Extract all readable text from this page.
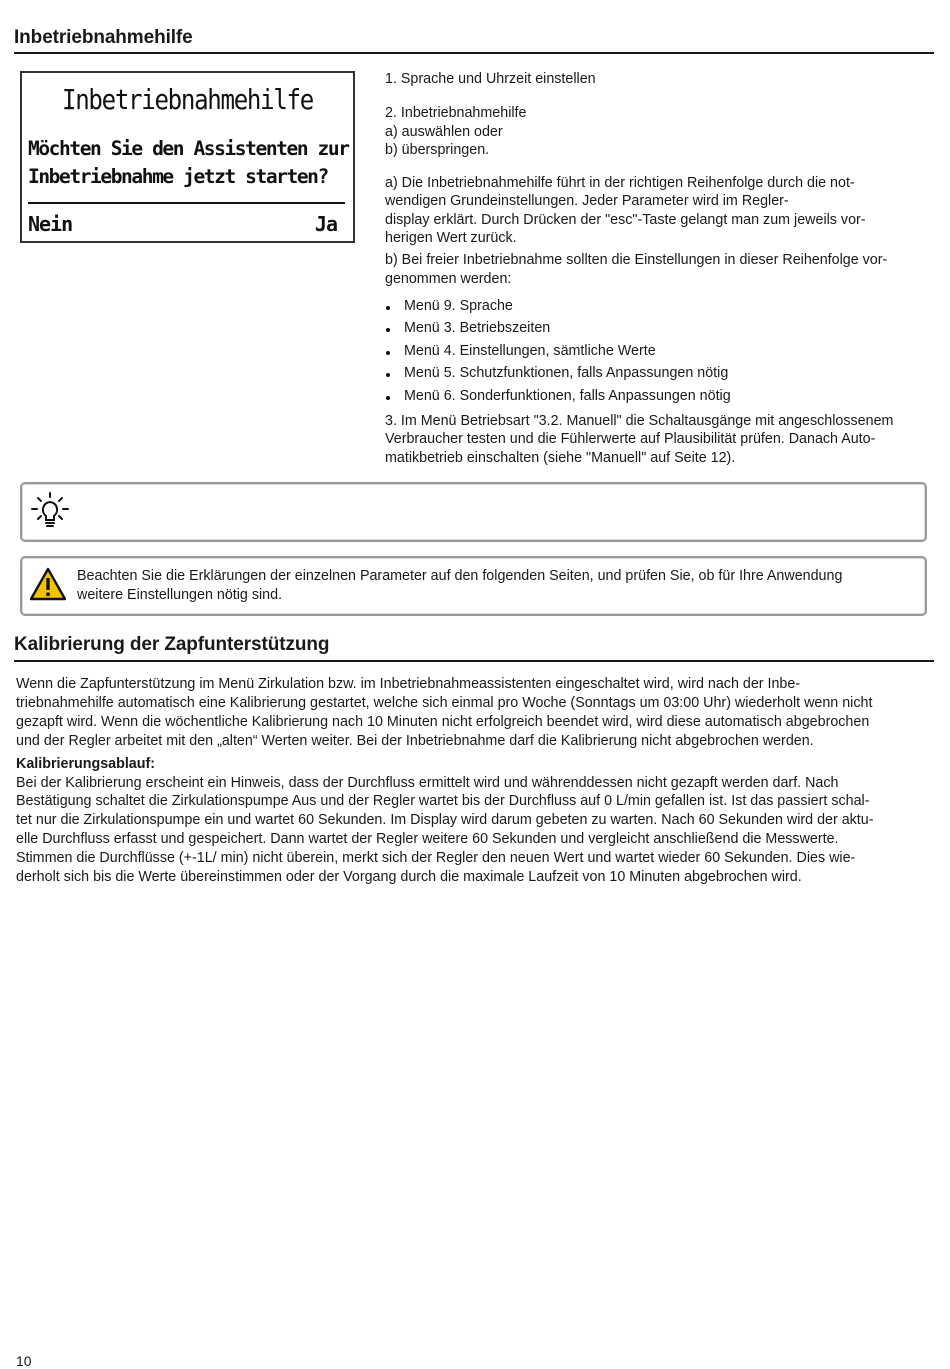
Inbetriebnahmehilfe
Inbetriebnahmehilfe
Möchten Sie den Assistenten zur
Inbetriebnahme jetzt starten?
Nein	Ja

1. Sprache und Uhrzeit einstellen

2. Inbetriebnahmehilfe

a) auswählen oder

b) überspringen.

a) Die Inbetriebnahmehilfe führt in der richtigen Reihenfolge durch die not-

wendigen Grundeinstellungen. Jeder Parameter wird im Regler-

display erklärt. Durch Drücken der "esc"-Taste gelangt man zum jeweils vor-

herigen Wert zurück.

b) Bei freier Inbetriebnahme sollten die Einstellungen in dieser Reihenfolge vor-

genommen werden:

Menü 9. Sprache
Menü 3. Betriebszeiten
Menü 4. Einstellungen, sämtliche Werte
Menü 5. Schutzfunktionen, falls Anpassungen nötig
Menü 6. Sonderfunktionen, falls Anpassungen nötig

3. Im Menü Betriebsart "3.2. Manuell" die Schaltausgänge mit angeschlossenem

Verbraucher testen und die Fühlerwerte auf Plausibilität prüfen. Danach Auto-

matikbetrieb einschalten (siehe "Manuell" auf Seite 12).

Beachten Sie die Erklärungen der einzelnen Parameter auf den folgenden Seiten, und prüfen Sie, ob für Ihre Anwendung
weitere Einstellungen nötig sind.
Kalibrierung der Zapfunterstützung

Wenn die Zapfunterstützung im Menü Zirkulation bzw. im Inbetriebnahmeassistenten eingeschaltet wird, wird nach der Inbe-

triebnahmehilfe automatisch eine Kalibrierung gestartet, welche sich einmal pro Woche (Sonntags um 03:00 Uhr) wiederholt wenn nicht

gezapft wird. Wenn die wöchentliche Kalibrierung nach 10 Minuten nicht erfolgreich beendet wird, wird diese automatisch abgebrochen

und der Regler arbeitet mit den „alten“ Werten weiter. Bei der Inbetriebnahme darf die Kalibrierung nicht abgebrochen werden.

Kalibrierungsablauf:

Bei der Kalibrierung erscheint ein Hinweis, dass der Durchfluss ermittelt wird und währenddessen nicht gezapft werden darf. Nach

Bestätigung schaltet die Zirkulationspumpe Aus und der Regler wartet bis der Durchfluss auf 0 L/min gefallen ist. Ist das passiert schal-

tet nur die Zirkulationspumpe ein und wartet 60 Sekunden. Im Display wird darum gebeten zu warten. Nach 60 Sekunden wird der aktu-

elle Durchfluss erfasst und gespeichert. Dann wartet der Regler weitere 60 Sekunden und vergleicht anschließend die Messwerte.

Stimmen die Durchflüsse (+-1L/ min) nicht überein, merkt sich der Regler den neuen Wert und wartet wieder 60 Sekunden. Dies wie-

derholt sich bis die Werte übereinstimmen oder der Vorgang durch die maximale Laufzeit von 10 Minuten abgebrochen wird.

10
